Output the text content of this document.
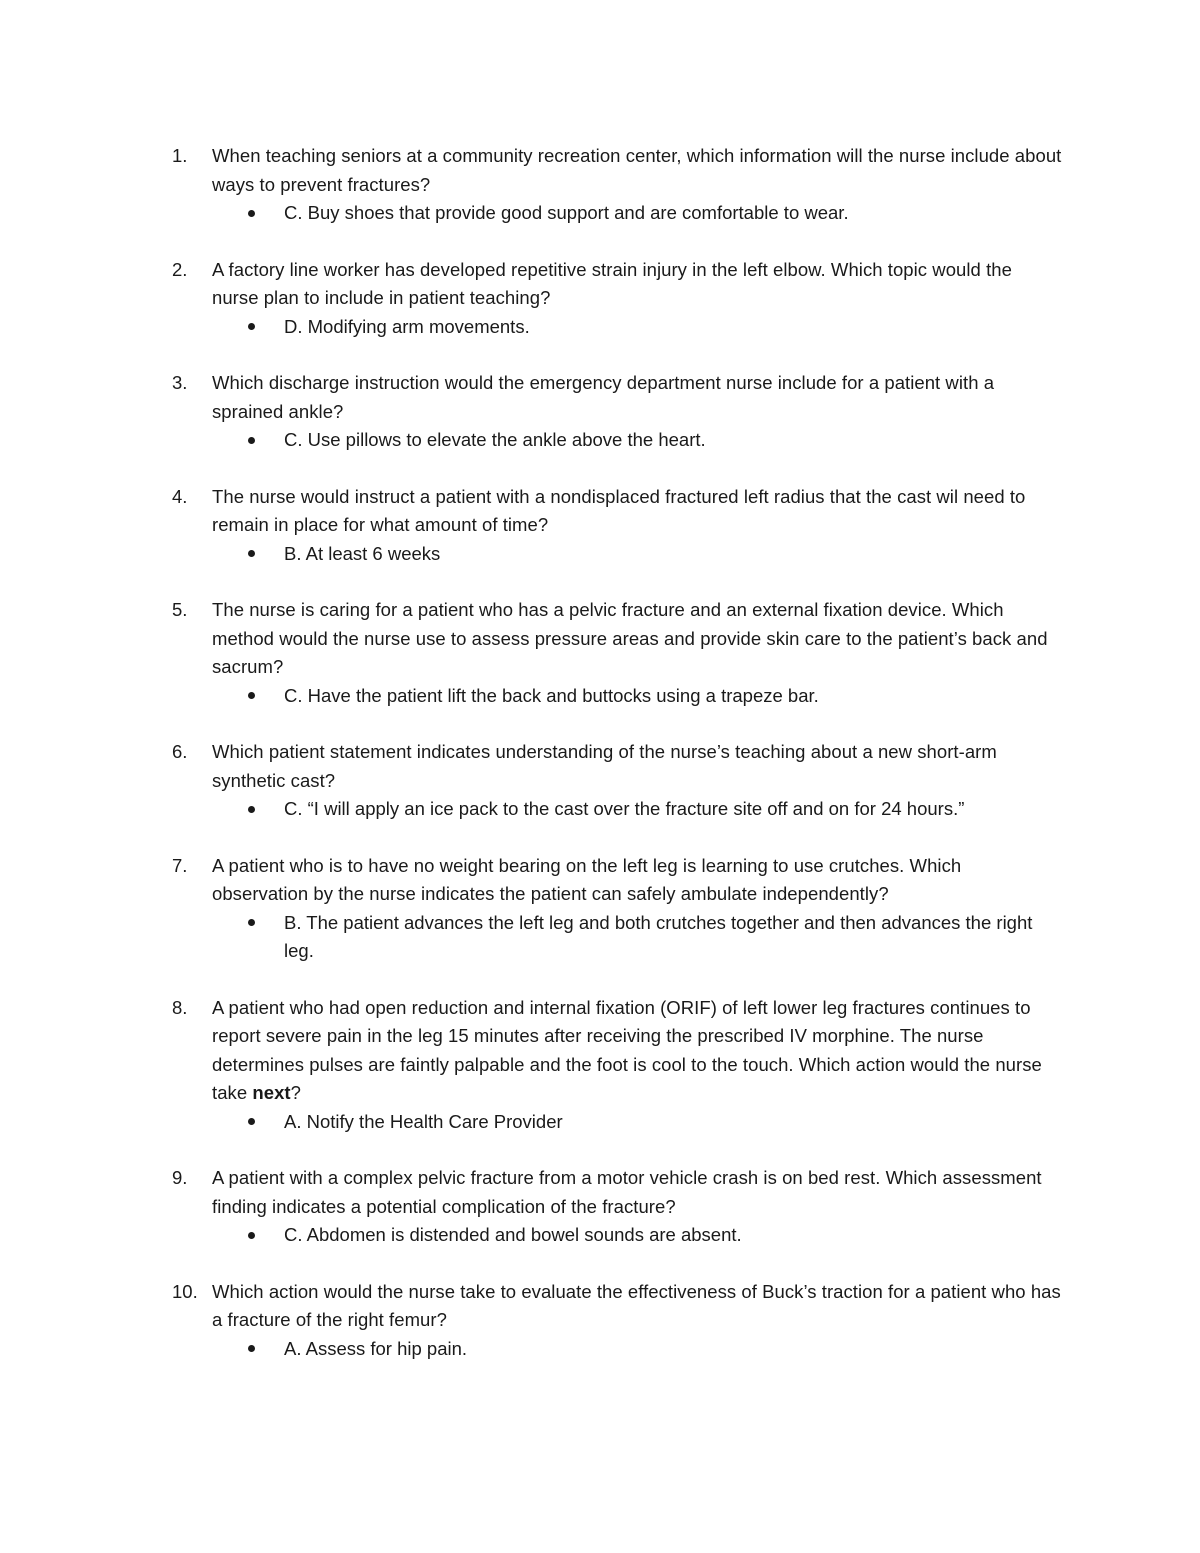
1. When teaching seniors at a community recreation center, which information will the nurse include about ways to prevent fractures?
C. Buy shoes that provide good support and are comfortable to wear.
2. A factory line worker has developed repetitive strain injury in the left elbow. Which topic would the nurse plan to include in patient teaching?
D. Modifying arm movements.
3. Which discharge instruction would the emergency department nurse include for a patient with a sprained ankle?
C. Use pillows to elevate the ankle above the heart.
4. The nurse would instruct a patient with a nondisplaced fractured left radius that the cast wil need to remain in place for what amount of time?
B. At least 6 weeks
5. The nurse is caring for a patient who has a pelvic fracture and an external fixation device. Which method would the nurse use to assess pressure areas and provide skin care to the patient’s back and sacrum?
C. Have the patient lift the back and buttocks using a trapeze bar.
6. Which patient statement indicates understanding of the nurse’s teaching about a new short-arm synthetic cast?
C. “I will apply an ice pack to the cast over the fracture site off and on for 24 hours.”
7. A patient who is to have no weight bearing on the left leg is learning to use crutches. Which observation by the nurse indicates the patient can safely ambulate independently?
B. The patient advances the left leg and both crutches together and then advances the right leg.
8. A patient who had open reduction and internal fixation (ORIF) of left lower leg fractures continues to report severe pain in the leg 15 minutes after receiving the prescribed IV morphine. The nurse determines pulses are faintly palpable and the foot is cool to the touch. Which action would the nurse take next?
A. Notify the Health Care Provider
9. A patient with a complex pelvic fracture from a motor vehicle crash is on bed rest. Which assessment finding indicates a potential complication of the fracture?
C. Abdomen is distended and bowel sounds are absent.
10. Which action would the nurse take to evaluate the effectiveness of Buck’s traction for a patient who has a fracture of the right femur?
A. Assess for hip pain.
